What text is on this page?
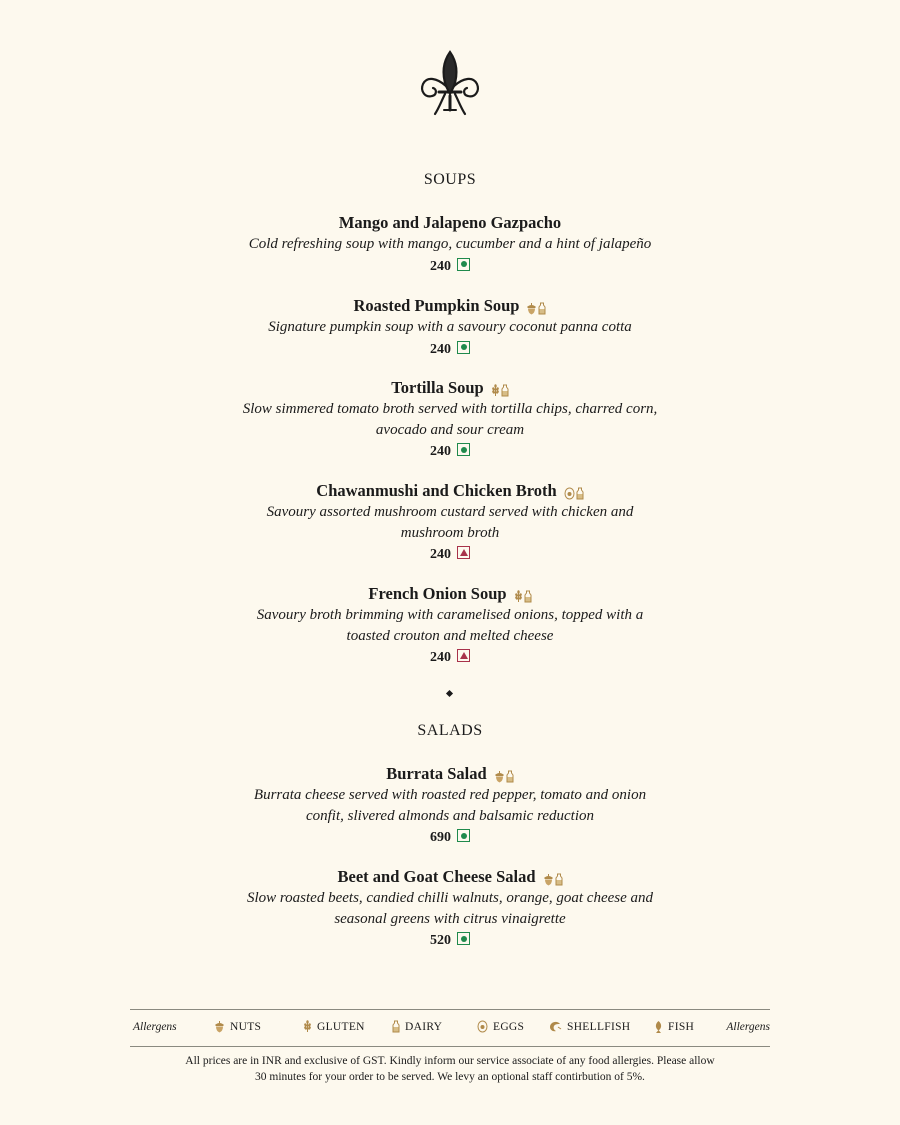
SOUPS
Mango and Jalapeno Gazpacho
Cold refreshing soup with mango, cucumber and a hint of jalapeño
240
Roasted Pumpkin Soup
Signature pumpkin soup with a savoury coconut panna cotta
240
Tortilla Soup
Slow simmered tomato broth served with tortilla chips, charred corn,
avocado and sour cream
240
Chawanmushi and Chicken Broth
Savoury assorted mushroom custard served with chicken and
mushroom broth
240
French Onion Soup
Savoury broth brimming with caramelised onions, topped with a
toasted crouton and melted cheese
240
SALADS
Burrata Salad
Burrata cheese served with roasted red pepper, tomato and onion
confit, slivered almonds and balsamic reduction
690
Beet and Goat Cheese Salad
Slow roasted beets, candied chilli walnuts, orange, goat cheese and
seasonal greens with citrus vinaigrette
520
Allergens	NUTS	GLUTEN	DAIRY	EGGS	SHELLFISH	FISH	Allergens
All prices are in INR and exclusive of GST. Kindly inform our service associate of any food allergies. Please allow
30 minutes for your order to be served. We levy an optional staff contirbution of 5%.
